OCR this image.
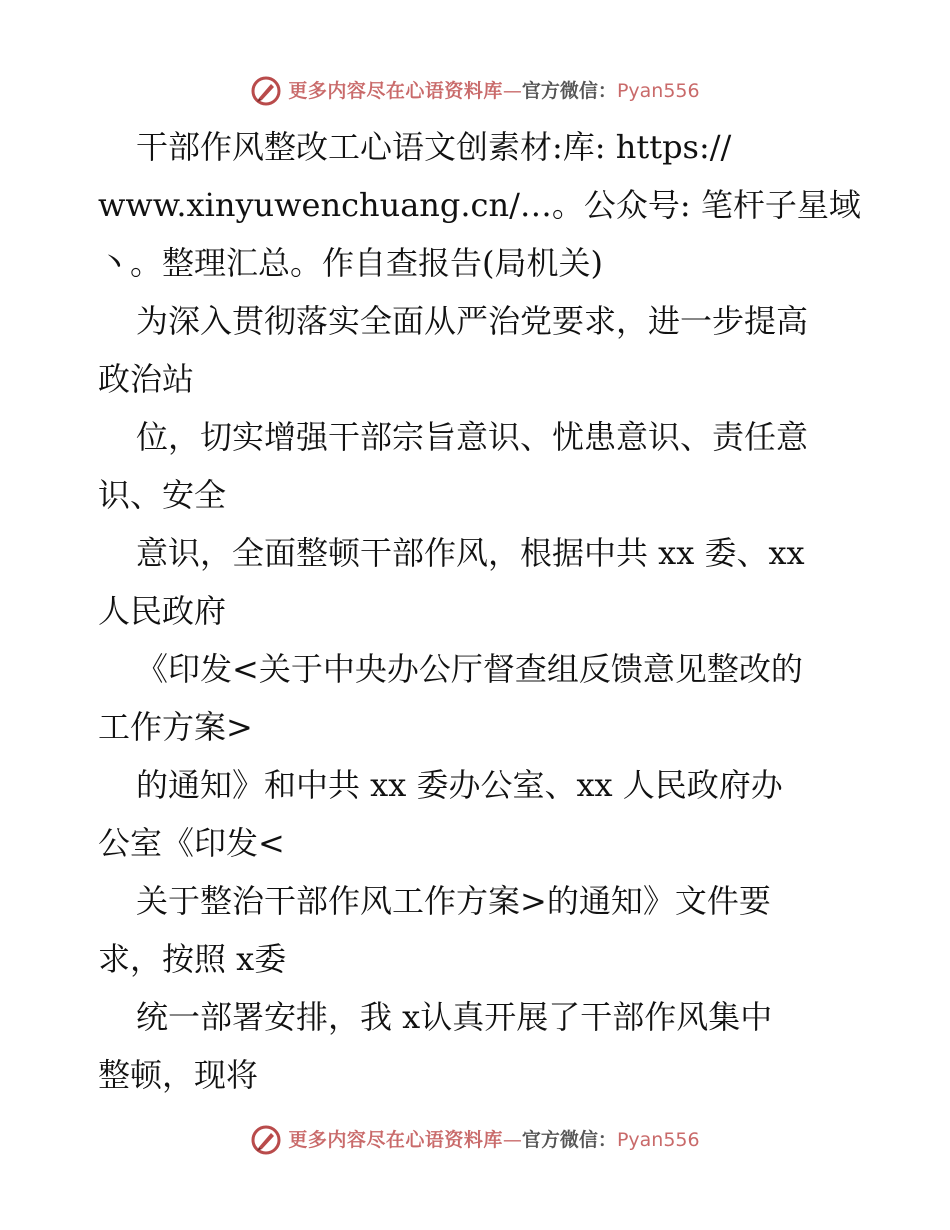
更多内容尽在心语资料库 — 官方微信： Pyan556
干部作风整改工心语文创素材:库: https://
www.xinyuwenchuang.cn/…。公众号: 笔杆子星域
丶。整理汇总。作自查报告(局机关)
为深入贯彻落实全面从严治党要求，进一步提高
政治站
位，切实增强干部宗旨意识、忧患意识、责任意
识、安全
意识，全面整顿干部作风，根据中共 xx 委、xx
人民政府
《印发<关于中央办公厅督查组反馈意见整改的
工作方案>
的通知》和中共 xx 委办公室、xx 人民政府办
公室《印发<
关于整治干部作风工作方案>的通知》文件要
求，按照 x委
统一部署安排，我 x认真开展了干部作风集中
整顿，现将
更多内容尽在心语资料库 — 官方微信： Pyan556
